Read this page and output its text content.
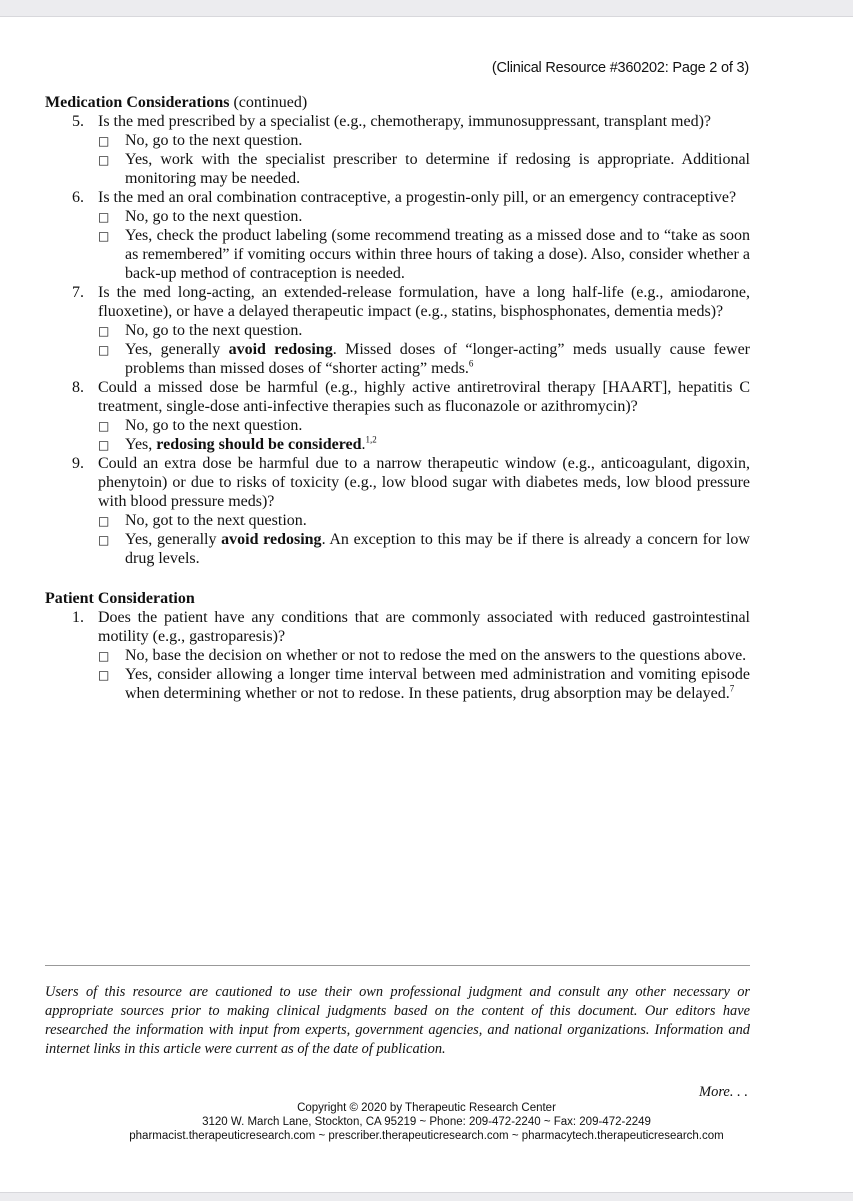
(Clinical Resource #360202: Page 2 of 3)
Medication Considerations (continued)
5. Is the med prescribed by a specialist (e.g., chemotherapy, immunosuppressant, transplant med)?
□ No, go to the next question.
□ Yes, work with the specialist prescriber to determine if redosing is appropriate. Additional monitoring may be needed.
6. Is the med an oral combination contraceptive, a progestin-only pill, or an emergency contraceptive?
□ No, go to the next question.
□ Yes, check the product labeling (some recommend treating as a missed dose and to “take as soon as remembered” if vomiting occurs within three hours of taking a dose). Also, consider whether a back-up method of contraception is needed.
7. Is the med long-acting, an extended-release formulation, have a long half-life (e.g., amiodarone, fluoxetine), or have a delayed therapeutic impact (e.g., statins, bisphosphonates, dementia meds)?
□ No, go to the next question.
□ Yes, generally avoid redosing. Missed doses of “longer-acting” meds usually cause fewer problems than missed doses of “shorter acting” meds.$^6$
8. Could a missed dose be harmful (e.g., highly active antiretroviral therapy [HAART], hepatitis C treatment, single-dose anti-infective therapies such as fluconazole or azithromycin)?
□ No, go to the next question.
□ Yes, redosing should be considered.$^{1,2}$
9. Could an extra dose be harmful due to a narrow therapeutic window (e.g., anticoagulant, digoxin, phenytoin) or due to risks of toxicity (e.g., low blood sugar with diabetes meds, low blood pressure with blood pressure meds)?
□ No, got to the next question.
□ Yes, generally avoid redosing. An exception to this may be if there is already a concern for low drug levels.
Patient Consideration
1. Does the patient have any conditions that are commonly associated with reduced gastrointestinal motility (e.g., gastroparesis)?
□ No, base the decision on whether or not to redose the med on the answers to the questions above.
□ Yes, consider allowing a longer time interval between med administration and vomiting episode when determining whether or not to redose. In these patients, drug absorption may be delayed.$^7$
Users of this resource are cautioned to use their own professional judgment and consult any other necessary or appropriate sources prior to making clinical judgments based on the content of this document. Our editors have researched the information with input from experts, government agencies, and national organizations. Information and internet links in this article were current as of the date of publication.
More. . .
Copyright © 2020 by Therapeutic Research Center
3120 W. March Lane, Stockton, CA 95219 ~ Phone: 209-472-2240 ~ Fax: 209-472-2249
pharmacist.therapeuticresearch.com ~ prescriber.therapeuticresearch.com ~ pharmacytech.therapeuticresearch.com
